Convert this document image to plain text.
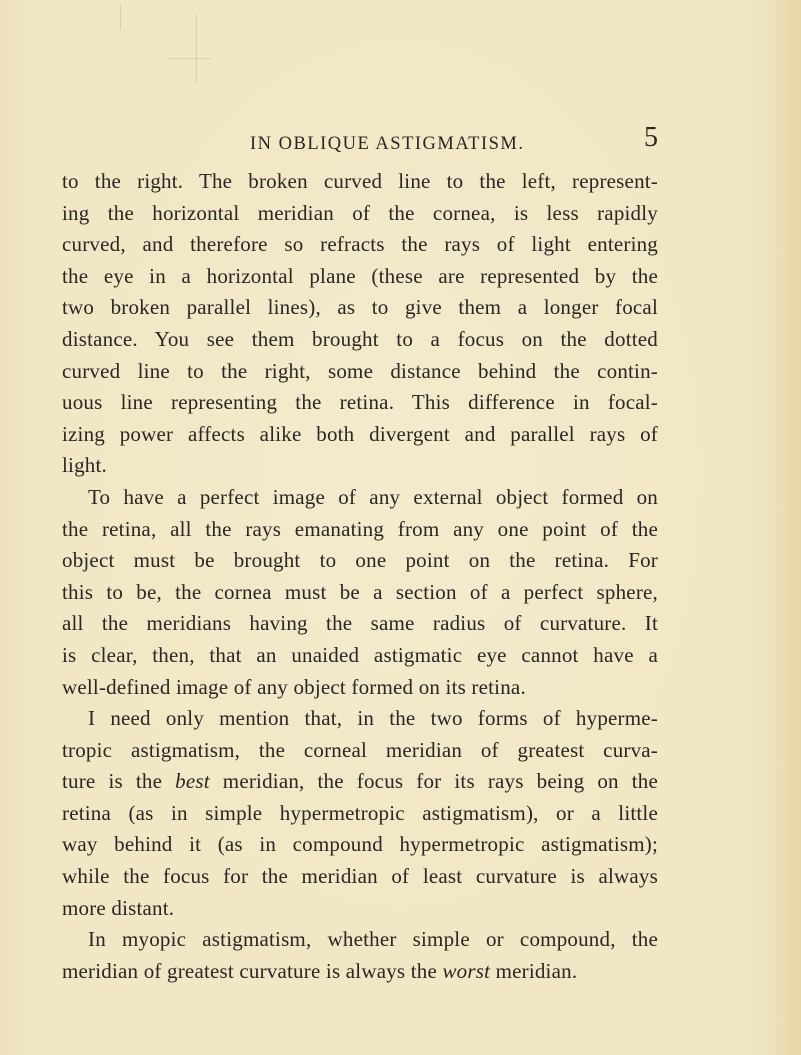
IN OBLIQUE ASTIGMATISM.	5
to the right. The broken curved line to the left, represent-
ing the horizontal meridian of the cornea, is less rapidly
curved, and therefore so refracts the rays of light entering
the eye in a horizontal plane (these are represented by the
two broken parallel lines), as to give them a longer focal
distance. You see them brought to a focus on the dotted
curved line to the right, some distance behind the contin-
uous line representing the retina. This difference in focal-
izing power affects alike both divergent and parallel rays of
light.
To have a perfect image of any external object formed on
the retina, all the rays emanating from any one point of the
object must be brought to one point on the retina. For
this to be, the cornea must be a section of a perfect sphere,
all the meridians having the same radius of curvature. It
is clear, then, that an unaided astigmatic eye cannot have a
well-defined image of any object formed on its retina.
I need only mention that, in the two forms of hyperme-
tropic astigmatism, the corneal meridian of greatest curva-
ture is the best meridian, the focus for its rays being on the
retina (as in simple hypermetropic astigmatism), or a little
way behind it (as in compound hypermetropic astigmatism);
while the focus for the meridian of least curvature is always
more distant.
In myopic astigmatism, whether simple or compound, the
meridian of greatest curvature is always the worst meridian.
